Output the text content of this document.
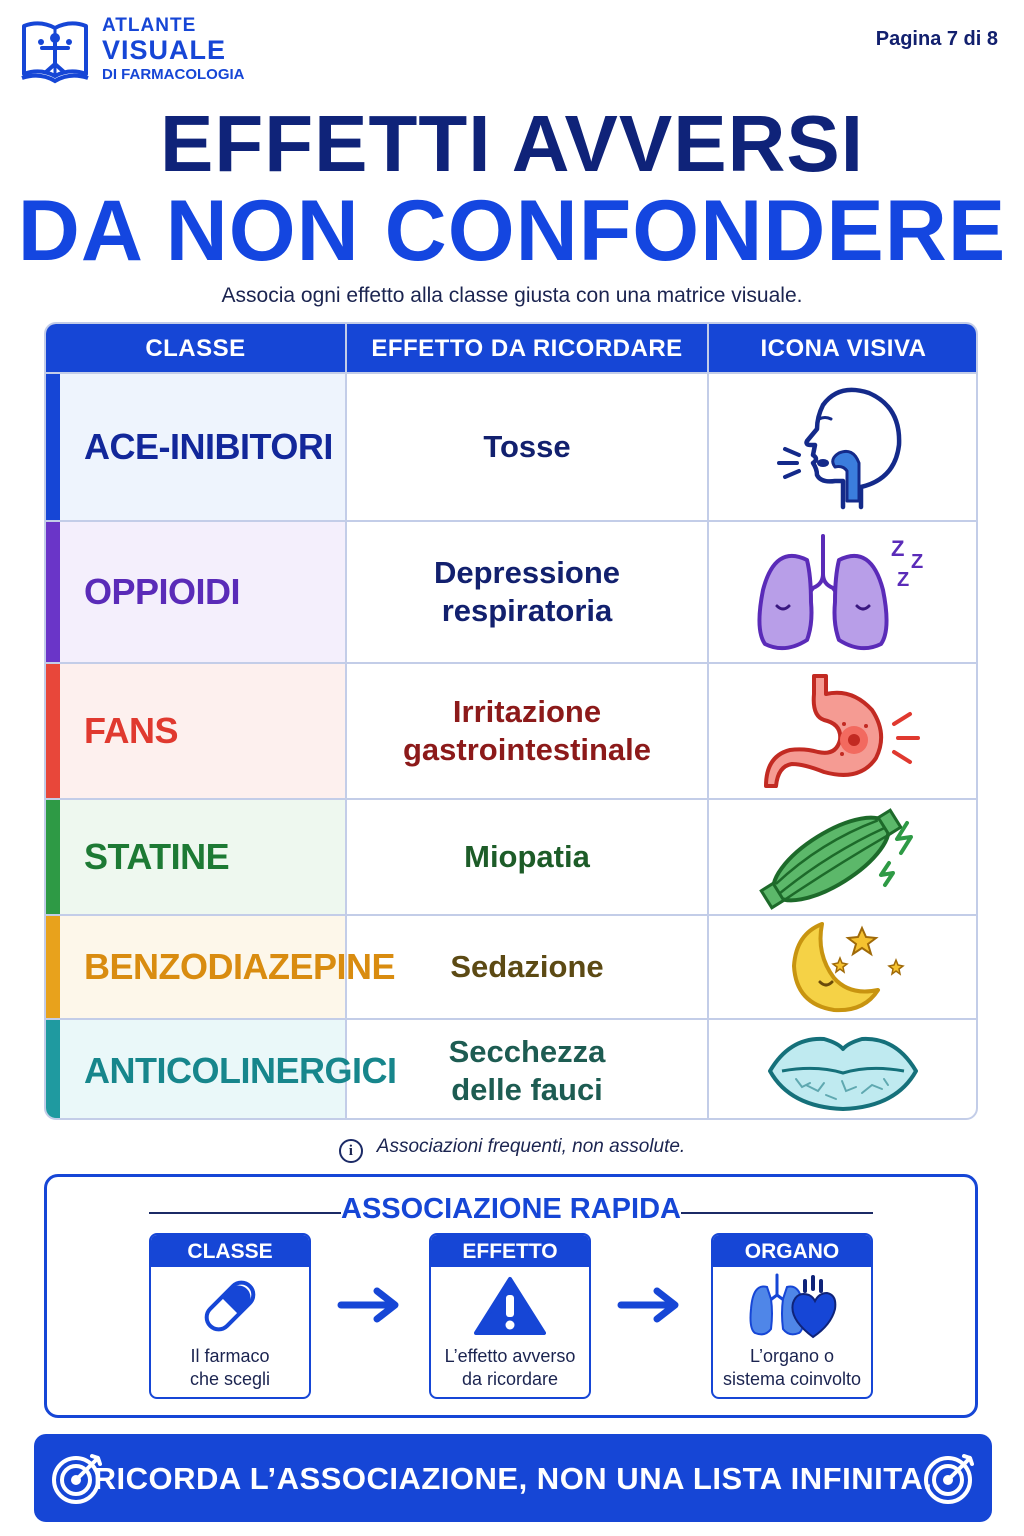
ATLANTE
VISUALE
DI FARMACOLOGIA
Pagina 7 di 8
EFFETTI AVVERSI
DA NON CONFONDERE
Associa ogni effetto alla classe giusta con una matrice visuale.
CLASSE	EFFETTO DA RICORDARE	ICONA VISIVA
ACE-INIBITORI	Tosse
OPPIOIDI	Depressione
respiratoria
Z
Z
Z
FANS	Irritazione
gastrointestinale
STATINE	Miopatia
BENZODIAZEPINE	Sedazione
ANTICOLINERGICI	Secchezza
delle fauci
i Associazioni frequenti, non assolute.
ASSOCIAZIONE RAPIDA
CLASSE
Il farmaco
che scegli
EFFETTO
L’effetto avverso
da ricordare
ORGANO
L’organo o
sistema coinvolto
RICORDA L’ASSOCIAZIONE, NON UNA LISTA INFINITA.
